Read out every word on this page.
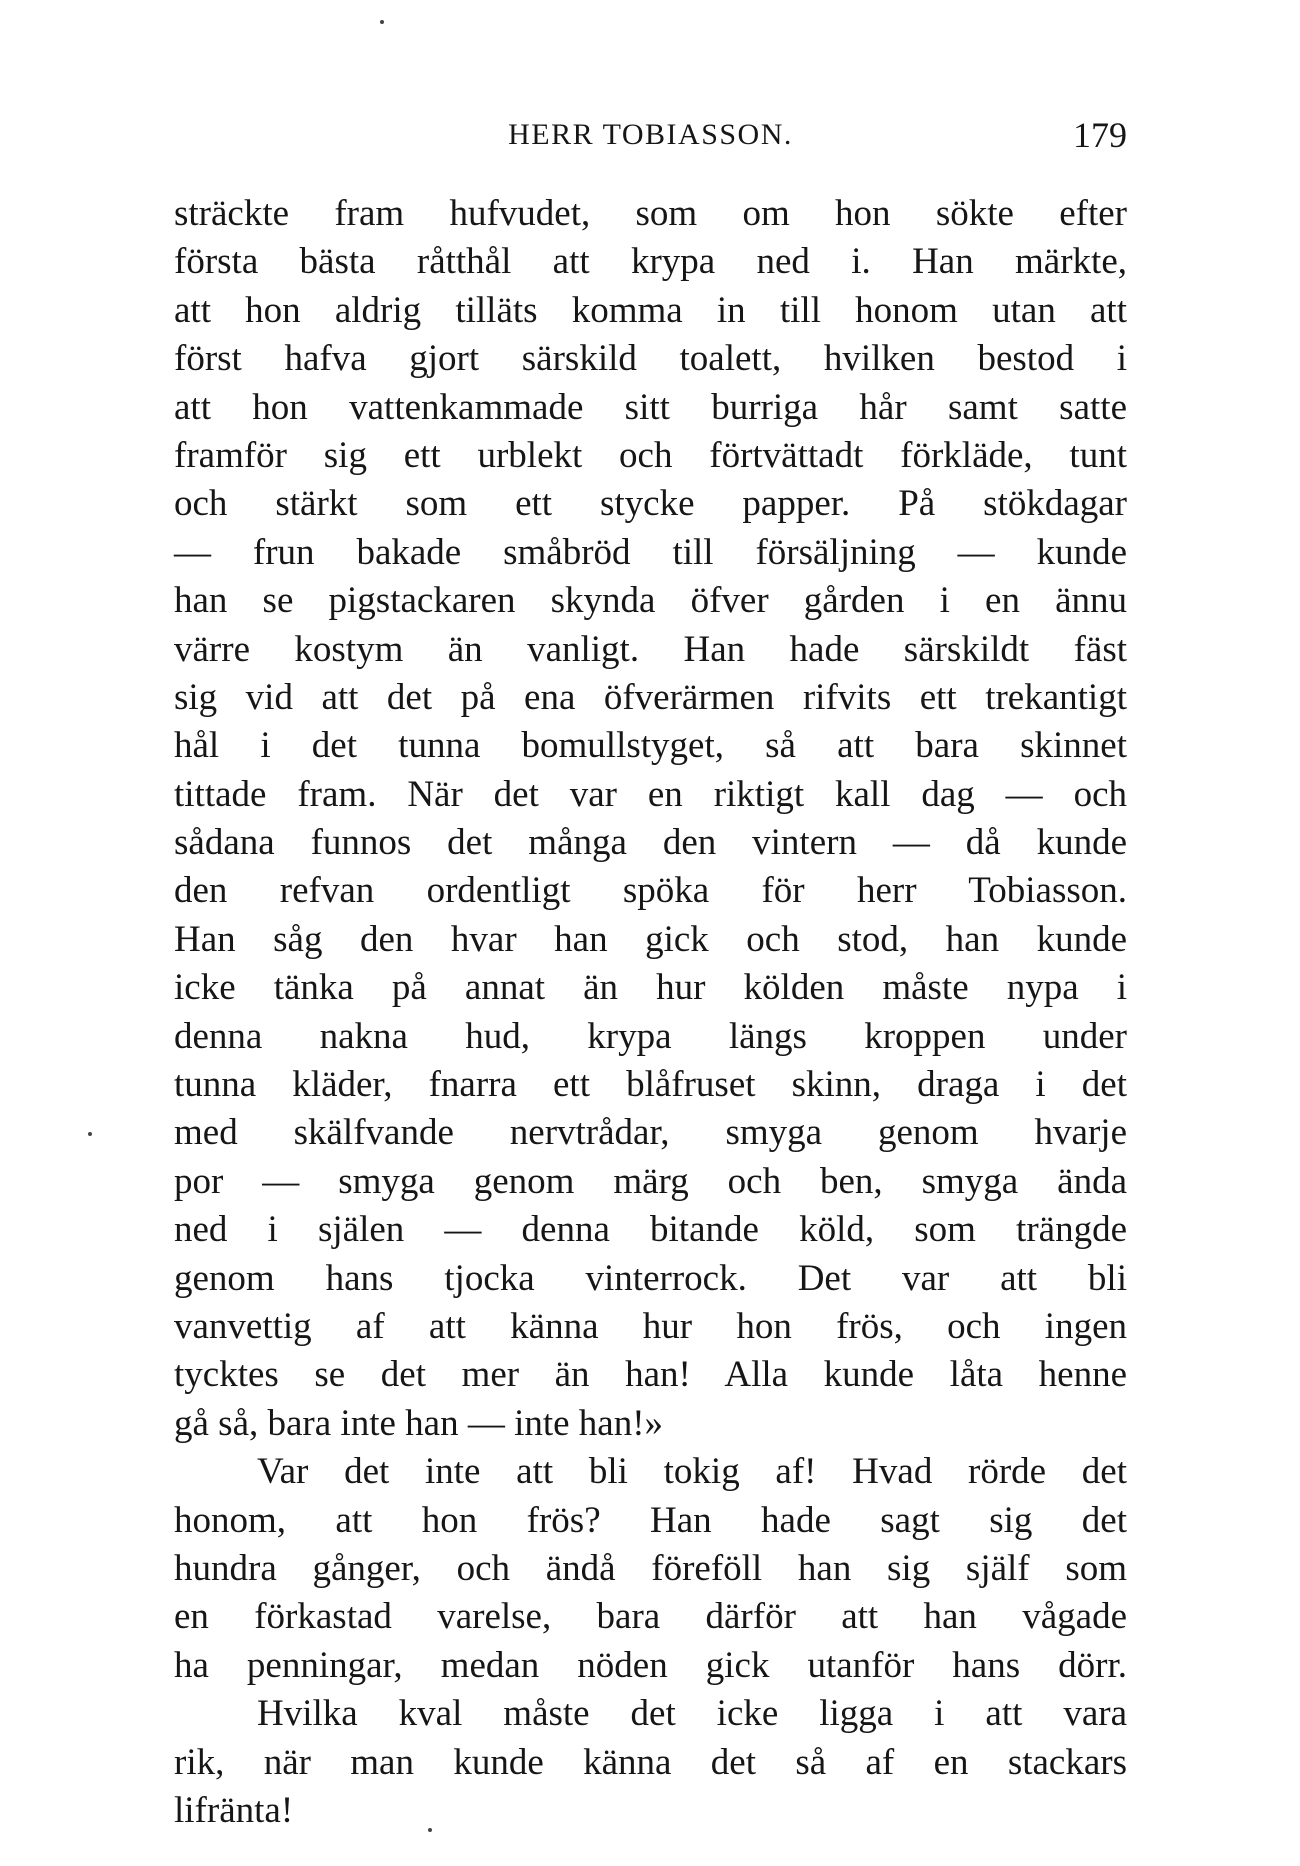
HERR TOBIASSON.	179
sträckte fram hufvudet, som om hon sökte efter
första bästa råtthål att krypa ned i. Han märkte,
att hon aldrig tilläts komma in till honom utan att
först hafva gjort särskild toalett, hvilken bestod i
att hon vattenkammade sitt burriga hår samt satte
framför sig ett urblekt och förtvättadt förkläde, tunt
och stärkt som ett stycke papper. På stökdagar
— frun bakade småbröd till försäljning — kunde
han se pigstackaren skynda öfver gården i en ännu
värre kostym än vanligt. Han hade särskildt fäst
sig vid att det på ena öfverärmen rifvits ett trekantigt
hål i det tunna bomullstyget, så att bara skinnet
tittade fram. När det var en riktigt kall dag — och
sådana funnos det många den vintern — då kunde
den refvan ordentligt spöka för herr Tobiasson.
Han såg den hvar han gick och stod, han kunde
icke tänka på annat än hur kölden måste nypa i
denna nakna hud, krypa längs kroppen under
tunna kläder, fnarra ett blåfruset skinn, draga i det
med skälfvande nervtrådar, smyga genom hvarje
por — smyga genom märg och ben, smyga ända
ned i själen — denna bitande köld, som trängde
genom hans tjocka vinterrock. Det var att bli
vanvettig af att känna hur hon frös, och ingen
tycktes se det mer än han! Alla kunde låta henne
gå så, bara inte han — inte han!»
Var det inte att bli tokig af! Hvad rörde det
honom, att hon frös? Han hade sagt sig det
hundra gånger, och ändå föreföll han sig själf som
en förkastad varelse, bara därför att han vågade
ha penningar, medan nöden gick utanför hans dörr.
Hvilka kval måste det icke ligga i att vara
rik, när man kunde känna det så af en stackars
lifränta!
